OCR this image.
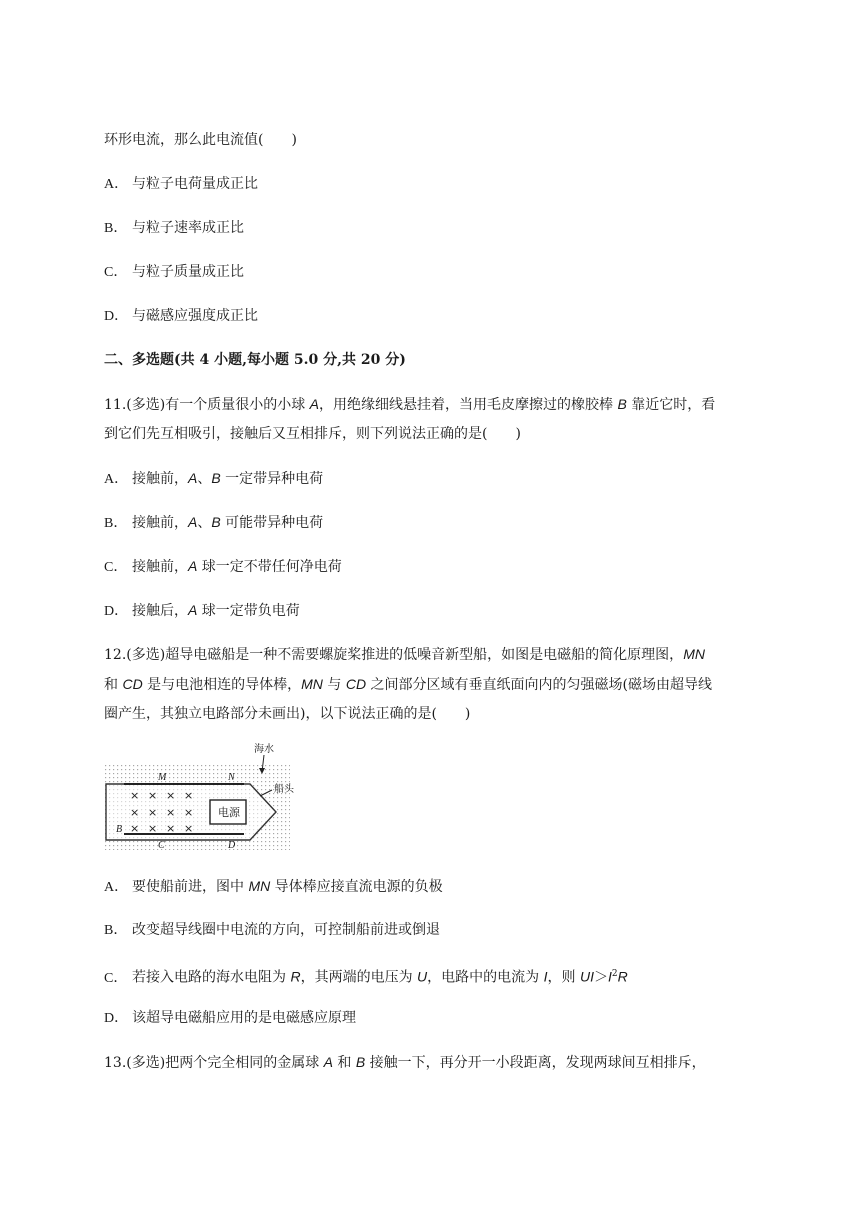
环形电流，那么此电流值(　　)
A． 与粒子电荷量成正比
B． 与粒子速率成正比
C． 与粒子质量成正比
D． 与磁感应强度成正比
二、多选题(共 4 小题,每小题 5.0 分,共 20 分)
11.(多选)有一个质量很小的小球 A，用绝缘细线悬挂着，当用毛皮摩擦过的橡胶棒 B 靠近它时，看
到它们先互相吸引，接触后又互相排斥，则下列说法正确的是(　　)
A． 接触前，A、B 一定带异种电荷
B． 接触前，A、B 可能带异种电荷
C． 接触前，A 球一定不带任何净电荷
D． 接触后，A 球一定带负电荷
12.(多选)超导电磁船是一种不需要螺旋桨推进的低噪音新型船，如图是电磁船的简化原理图，MN
和 CD 是与电池相连的导体棒，MN 与 CD 之间部分区域有垂直纸面向内的匀强磁场(磁场由超导线
圈产生，其独立电路部分未画出)，以下说法正确的是(　　)
× × × ×
× × × ×
× × × ×
电源
M	N
B
C	D
海水
船头
A． 要使船前进，图中 MN 导体棒应接直流电源的负极
B． 改变超导线圈中电流的方向，可控制船前进或倒退
C． 若接入电路的海水电阻为 R，其两端的电压为 U，电路中的电流为 I，则 $UI>I^2R$
D． 该超导电磁船应用的是电磁感应原理
13.(多选)把两个完全相同的金属球 A 和 B 接触一下，再分开一小段距离，发现两球间互相排斥，
